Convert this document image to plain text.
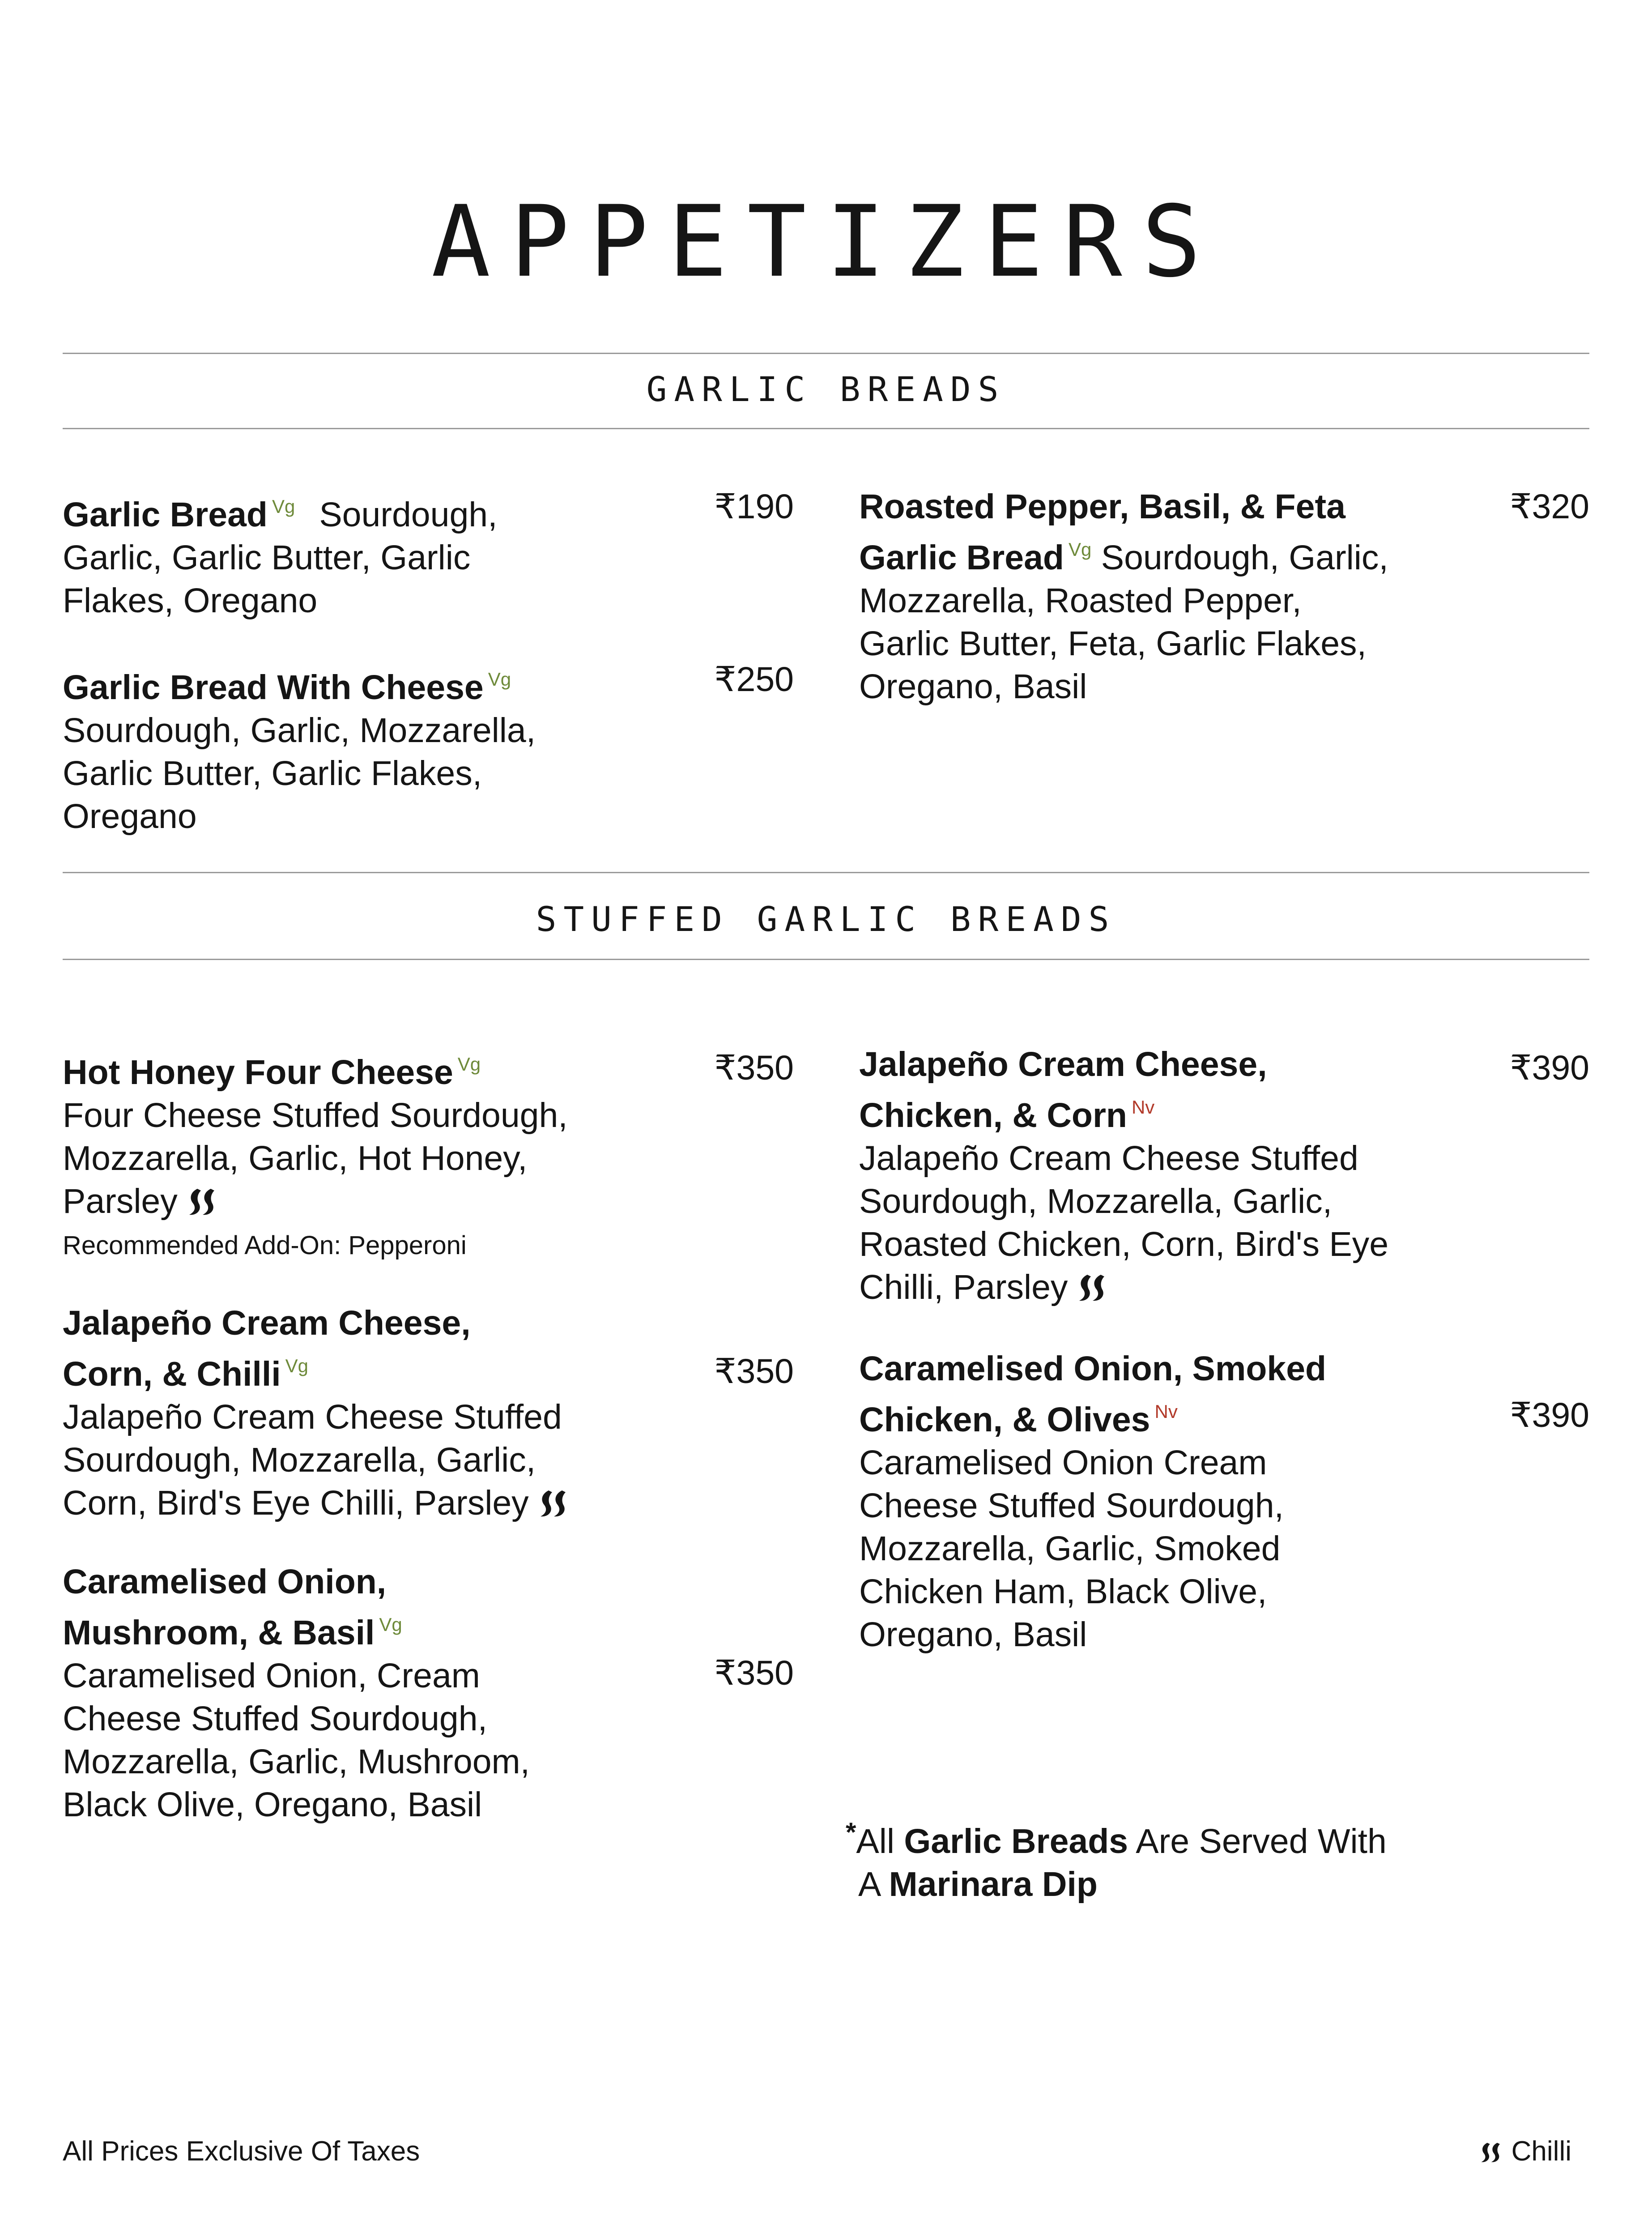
APPETIZERS
GARLIC BREADS
Garlic Bread $^{Vg}$ Sourdough, Garlic, Garlic Butter, Garlic Flakes, Oregano
₹190
Garlic Bread With Cheese $^{Vg}$
Sourdough, Garlic, Mozzarella, Garlic Butter, Garlic Flakes, Oregano
₹250
Roasted Pepper, Basil, & Feta Garlic Bread $^{Vg}$ Sourdough, Garlic, Mozzarella, Roasted Pepper, Garlic Butter, Feta, Garlic Flakes, Oregano, Basil
₹320
STUFFED GARLIC BREADS
Hot Honey Four Cheese $^{Vg}$
Four Cheese Stuffed Sourdough, Mozzarella, Garlic, Hot Honey, Parsley
₹350
Recommended Add-On: Pepperoni
Jalapeño Cream Cheese, Corn, & Chilli $^{Vg}$
Jalapeño Cream Cheese Stuffed Sourdough, Mozzarella, Garlic, Corn, Bird's Eye Chilli, Parsley
₹350
Caramelised Onion, Mushroom, & Basil $^{Vg}$
Caramelised Onion, Cream Cheese Stuffed Sourdough, Mozzarella, Garlic, Mushroom, Black Olive, Oregano, Basil
₹350
Jalapeño Cream Cheese, Chicken, & Corn $^{Nv}$
Jalapeño Cream Cheese Stuffed Sourdough, Mozzarella, Garlic, Roasted Chicken, Corn, Bird's Eye Chilli, Parsley
₹390
Caramelised Onion, Smoked Chicken, & Olives $^{Nv}$
Caramelised Onion Cream Cheese Stuffed Sourdough, Mozzarella, Garlic, Smoked Chicken Ham, Black Olive, Oregano, Basil
₹390
*All Garlic Breads Are Served With
A Marinara Dip
All Prices Exclusive Of Taxes	Chilli
